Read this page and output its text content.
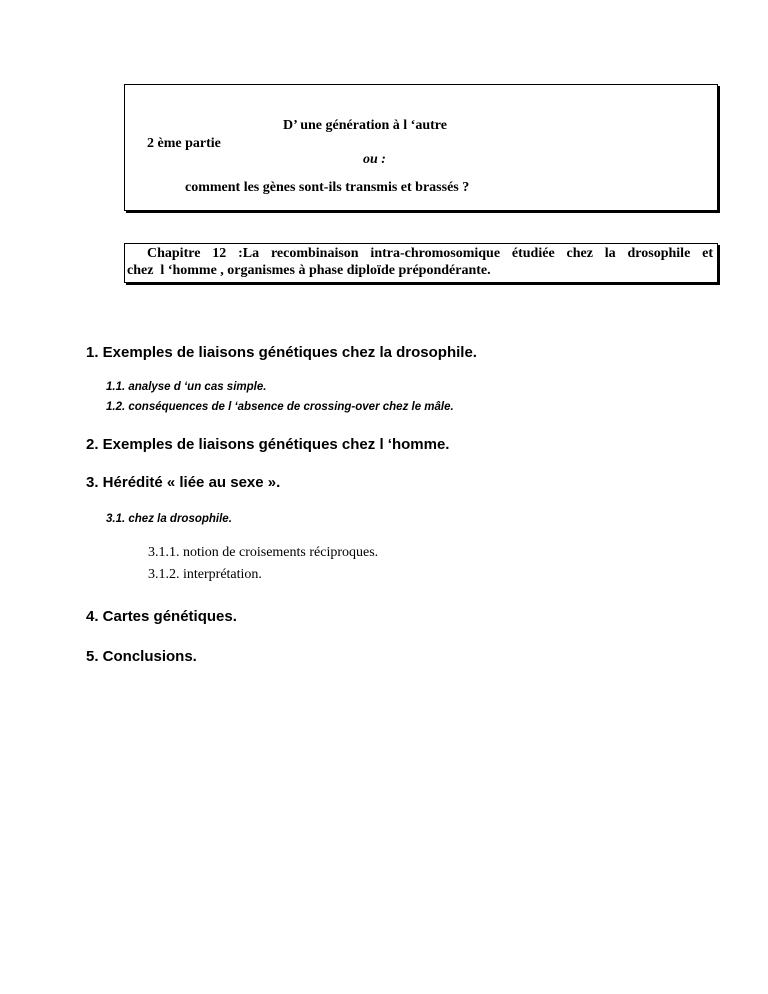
D’ une génération à l ‘autre
2 ème partie
ou :
comment les gènes sont-ils transmis et brassés ?
Chapitre 12 :La recombinaison intra-chromosomique étudiée chez la drosophile et
chez  l ‘homme , organismes à phase diploïde prépondérante.
1. Exemples de liaisons génétiques chez la drosophile.
1.1. analyse d ‘un cas simple.
1.2. conséquences de l ‘absence de crossing-over chez le mâle.
2. Exemples de liaisons génétiques chez l ‘homme.
3. Hérédité « liée au sexe ».
3.1. chez la drosophile.
3.1.1. notion de croisements réciproques.
3.1.2. interprétation.
4. Cartes génétiques.
5. Conclusions.
